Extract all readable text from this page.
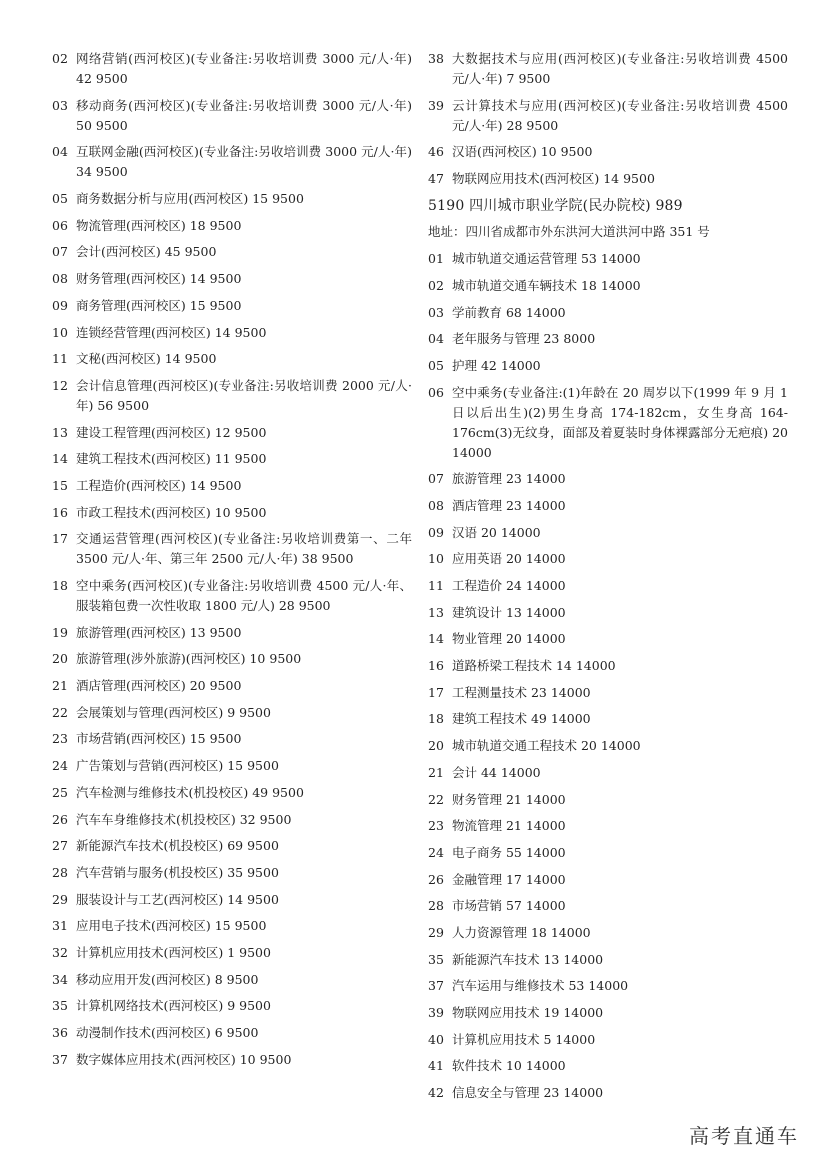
02 网络营销(西河校区)(专业备注:另收培训费 3000 元/人·年) 42 9500
03 移动商务(西河校区)(专业备注:另收培训费 3000 元/人·年) 50 9500
04 互联网金融(西河校区)(专业备注:另收培训费 3000 元/人·年) 34 9500
05 商务数据分析与应用(西河校区) 15 9500
06 物流管理(西河校区) 18 9500
07 会计(西河校区) 45 9500
08 财务管理(西河校区) 14 9500
09 商务管理(西河校区) 15 9500
10 连锁经营管理(西河校区) 14 9500
11 文秘(西河校区) 14 9500
12 会计信息管理(西河校区)(专业备注:另收培训费 2000 元/人·年) 56 9500
13 建设工程管理(西河校区) 12 9500
14 建筑工程技术(西河校区) 11 9500
15 工程造价(西河校区) 14 9500
16 市政工程技术(西河校区) 10 9500
17 交通运营管理(西河校区)(专业备注:另收培训费第一、二年 3500 元/人·年、第三年 2500 元/人·年) 38 9500
18 空中乘务(西河校区)(专业备注:另收培训费 4500 元/人·年、服装箱包费一次性收取 1800 元/人) 28 9500
19 旅游管理(西河校区) 13 9500
20 旅游管理(涉外旅游)(西河校区) 10 9500
21 酒店管理(西河校区) 20 9500
22 会展策划与管理(西河校区) 9 9500
23 市场营销(西河校区) 15 9500
24 广告策划与营销(西河校区) 15 9500
25 汽车检测与维修技术(机投校区) 49 9500
26 汽车车身维修技术(机投校区) 32 9500
27 新能源汽车技术(机投校区) 69 9500
28 汽车营销与服务(机投校区) 35 9500
29 服装设计与工艺(西河校区) 14 9500
31 应用电子技术(西河校区) 15 9500
32 计算机应用技术(西河校区) 1 9500
34 移动应用开发(西河校区) 8 9500
35 计算机网络技术(西河校区) 9 9500
36 动漫制作技术(西河校区) 6 9500
37 数字媒体应用技术(西河校区) 10 9500
38 大数据技术与应用(西河校区)(专业备注:另收培训费 4500 元/人·年) 7 9500
39 云计算技术与应用(西河校区)(专业备注:另收培训费 4500 元/人·年) 28 9500
46 汉语(西河校区) 10 9500
47 物联网应用技术(西河校区) 14 9500
5190 四川城市职业学院(民办院校) 989
地址：四川省成都市外东洪河大道洪河中路 351 号
01 城市轨道交通运营管理 53 14000
02 城市轨道交通车辆技术 18 14000
03 学前教育 68 14000
04 老年服务与管理 23 8000
05 护理 42 14000
06 空中乘务(专业备注:(1)年龄在 20 周岁以下(1999 年 9 月 1 日以后出生)(2)男生身高 174-182cm，女生身高 164-176cm(3)无纹身，面部及着夏装时身体裸露部分无疤痕) 20 14000
07 旅游管理 23 14000
08 酒店管理 23 14000
09 汉语 20 14000
10 应用英语 20 14000
11 工程造价 24 14000
13 建筑设计 13 14000
14 物业管理 20 14000
16 道路桥梁工程技术 14 14000
17 工程测量技术 23 14000
18 建筑工程技术 49 14000
20 城市轨道交通工程技术 20 14000
21 会计 44 14000
22 财务管理 21 14000
23 物流管理 21 14000
24 电子商务 55 14000
26 金融管理 17 14000
28 市场营销 57 14000
29 人力资源管理 18 14000
35 新能源汽车技术 13 14000
37 汽车运用与维修技术 53 14000
39 物联网应用技术 19 14000
40 计算机应用技术 5 14000
41 软件技术 10 14000
42 信息安全与管理 23 14000
高考直通车
